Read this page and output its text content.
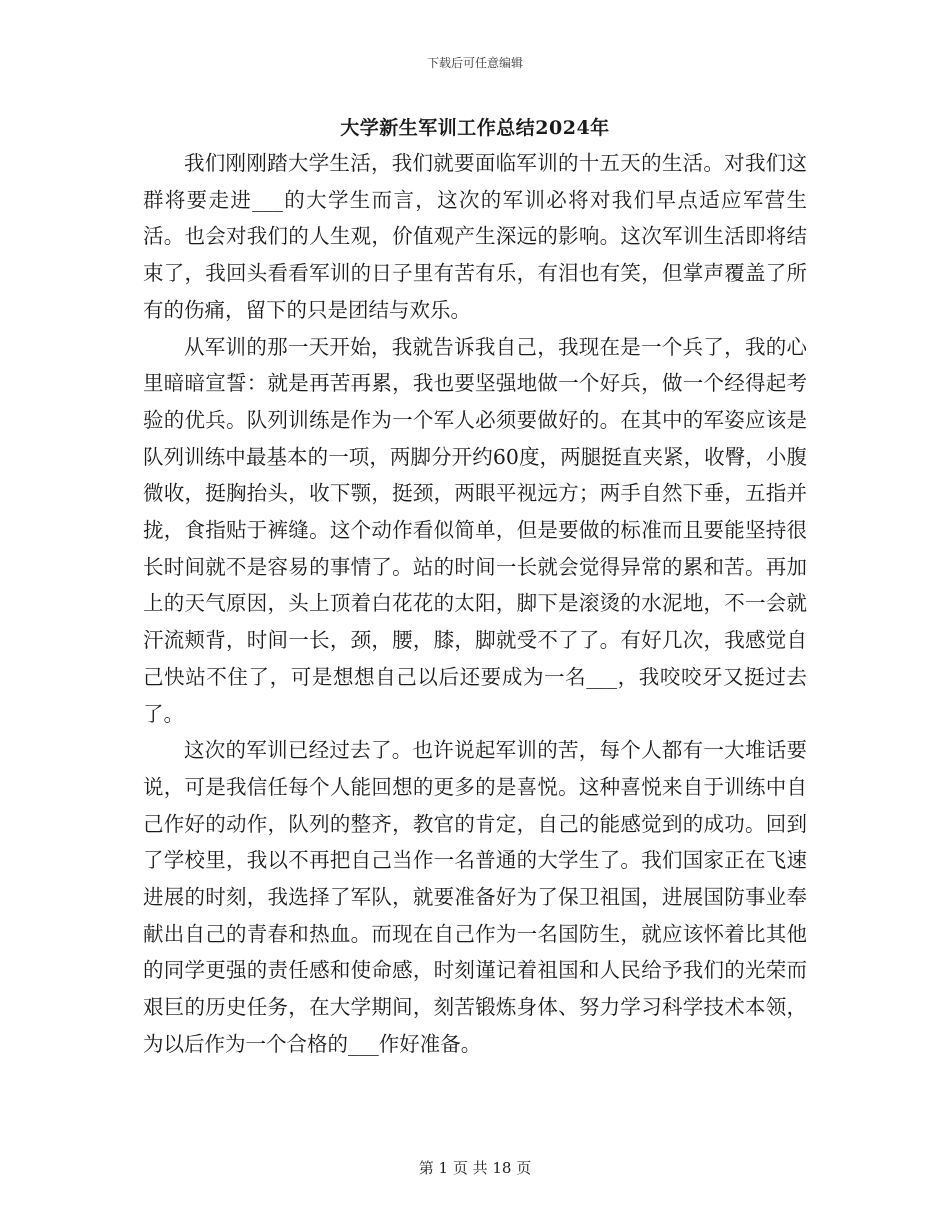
下载后可任意编辑
大学新生军训工作总结2024年

我们刚刚踏大学生活，我们就要面临军训的十五天的生活。对我们这群将要走进___的大学生而言，这次的军训必将对我们早点适应军营生活。也会对我们的人生观，价值观产生深远的影响。这次军训生活即将结束了，我回头看看军训的日子里有苦有乐，有泪也有笑，但掌声覆盖了所有的伤痛，留下的只是团结与欢乐。

从军训的那一天开始，我就告诉我自己，我现在是一个兵了，我的心里暗暗宣誓：就是再苦再累，我也要坚强地做一个好兵，做一个经得起考验的优兵。队列训练是作为一个军人必须要做好的。在其中的军姿应该是队列训练中最基本的一项，两脚分开约60度，两腿挺直夹紧，收臀，小腹微收，挺胸抬头，收下颚，挺颈，两眼平视远方；两手自然下垂，五指并拢，食指贴于裤缝。这个动作看似简单，但是要做的标准而且要能坚持很长时间就不是容易的事情了。站的时间一长就会觉得异常的累和苦。再加上的天气原因，头上顶着白花花的太阳，脚下是滚烫的水泥地，不一会就汗流颊背，时间一长，颈，腰，膝，脚就受不了了。有好几次，我感觉自己快站不住了，可是想想自己以后还要成为一名___，我咬咬牙又挺过去了。

这次的军训已经过去了。也许说起军训的苦，每个人都有一大堆话要说，可是我信任每个人能回想的更多的是喜悦。这种喜悦来自于训练中自己作好的动作，队列的整齐，教官的肯定，自己的能感觉到的成功。回到了学校里，我以不再把自己当作一名普通的大学生了。我们国家正在飞速进展的时刻，我选择了军队，就要准备好为了保卫祖国，进展国防事业奉献出自己的青春和热血。而现在自己作为一名国防生，就应该怀着比其他的同学更强的责任感和使命感，时刻谨记着祖国和人民给予我们的光荣而艰巨的历史任务，在大学期间，刻苦锻炼身体、努力学习科学技术本领，为以后作为一个合格的___作好准备。

第 1 页 共 18 页
